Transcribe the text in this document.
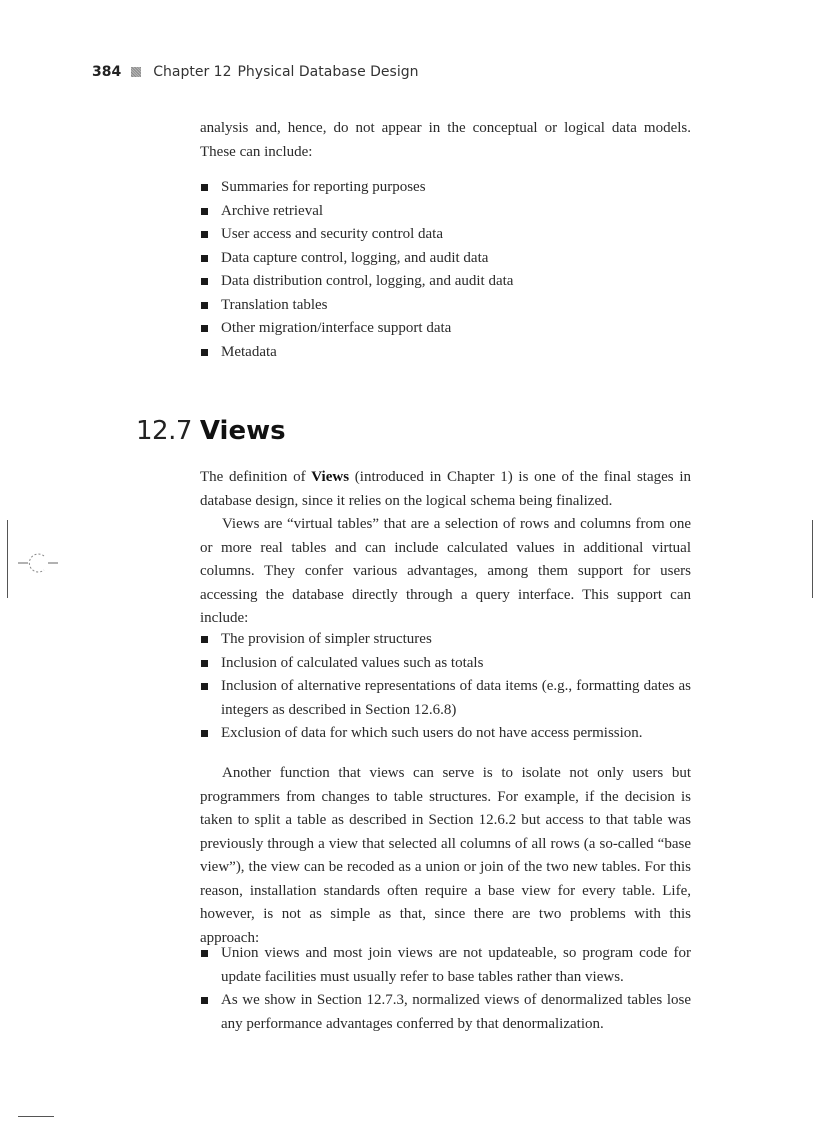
384 Chapter 12 Physical Database Design

analysis and, hence, do not appear in the conceptual or logical data models. These can include:

Summaries for reporting purposes
Archive retrieval
User access and security control data
Data capture control, logging, and audit data
Data distribution control, logging, and audit data
Translation tables
Other migration/interface support data
Metadata
12.7 Views

The definition of Views (introduced in Chapter 1) is one of the final stages in database design, since it relies on the logical schema being finalized.

Views are “virtual tables” that are a selection of rows and columns from one or more real tables and can include calculated values in additional virtual columns. They confer various advantages, among them support for users accessing the database directly through a query interface. This support can include:

The provision of simpler structures
Inclusion of calculated values such as totals
Inclusion of alternative representations of data items (e.g., formatting dates as integers as described in Section 12.6.8)
Exclusion of data for which such users do not have access permission.

Another function that views can serve is to isolate not only users but programmers from changes to table structures. For example, if the decision is taken to split a table as described in Section 12.6.2 but access to that table was previously through a view that selected all columns of all rows (a so-called “base view”), the view can be recoded as a union or join of the two new tables. For this reason, installation standards often require a base view for every table. Life, however, is not as simple as that, since there are two problems with this approach:

Union views and most join views are not updateable, so program code for update facilities must usually refer to base tables rather than views.
As we show in Section 12.7.3, normalized views of denormalized tables lose any performance advantages conferred by that denormalization.
